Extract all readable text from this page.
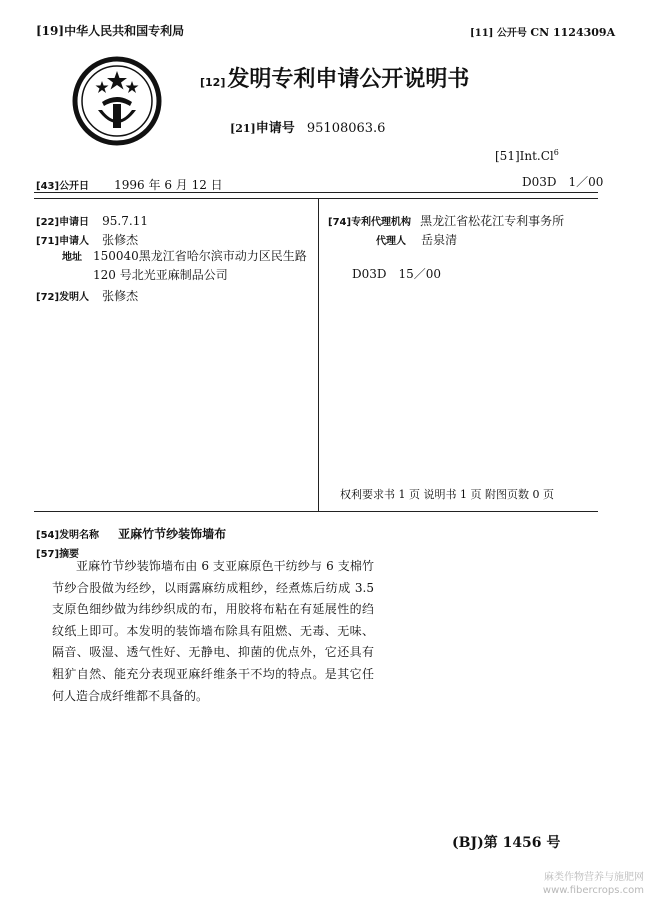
[19]中华人民共和国专利局	[11] 公开号 CN 1124309A
[12]发明专利申请公开说明书
[21]申请号 95108063.6
[51]Int.Cl$^6$
[43]公开日 1996 年 6 月 12 日	D03D　1／00
[22]申请日 95.7.11
[71]申请人 张修杰
地址 150040黑龙江省哈尔滨市动力区民生路
120 号北光亚麻制品公司
[72]发明人 张修杰
[74]专利代理机构 黑龙江省松花江专利事务所
代理人 岳泉清
D03D　15／00
权利要求书 1 页 说明书 1 页 附图页数 0 页
[54]发明名称 亚麻竹节纱装饰墙布
[57]摘要
亚麻竹节纱装饰墙布由 6 支亚麻原色干纺纱与 6 支棉竹节纱合股做为经纱，以雨露麻纺成粗纱，经煮炼后纺成 3.5 支原色细纱做为纬纱织成的布，用胶将布粘在有延展性的绉纹纸上即可。本发明的装饰墙布除具有阻燃、无毒、无味、隔音、吸湿、透气性好、无静电、抑菌的优点外，它还具有粗犷自然、能充分表现亚麻纤维条干不均的特点。是其它任何人造合成纤维都不具备的。
(BJ)第 1456 号
麻类作物营养与施肥网
www.fibercrops.com
